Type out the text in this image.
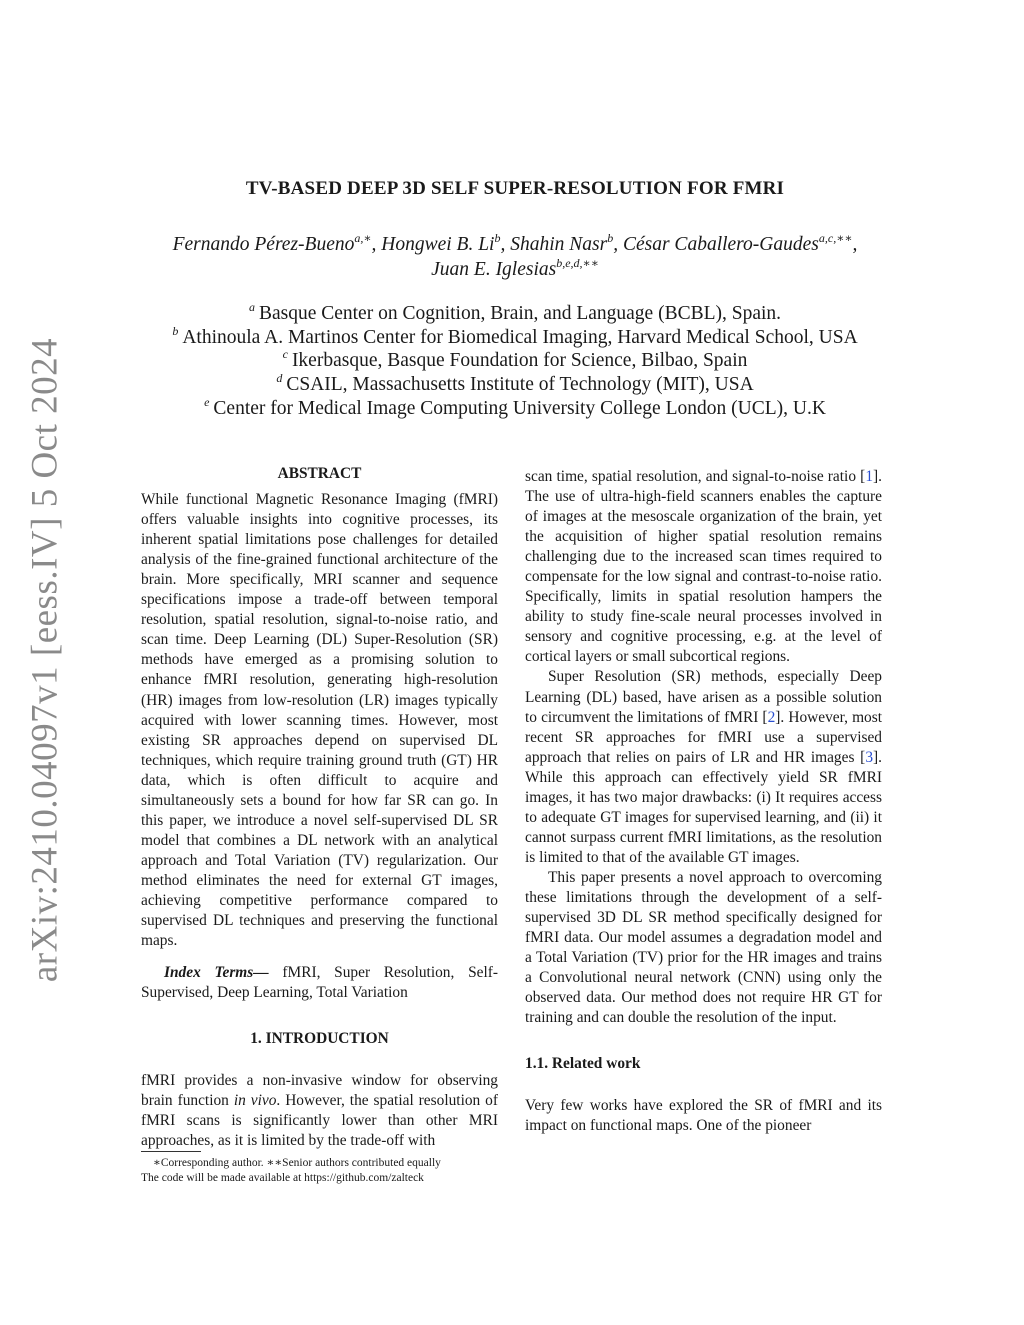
arXiv:2410.04097v1 [eess.IV] 5 Oct 2024
TV-BASED DEEP 3D SELF SUPER-RESOLUTION FOR FMRI
Fernando Pérez-Bueno$^{a,∗}$, Hongwei B. Li$^b$, Shahin Nasr$^b$, César Caballero-Gaudes$^{a,c,∗∗}$,
Juan E. Iglesias$^{b,e,d,∗∗}$
$^a$ Basque Center on Cognition, Brain, and Language (BCBL), Spain.
$^b$ Athinoula A. Martinos Center for Biomedical Imaging, Harvard Medical School, USA
$^c$ Ikerbasque, Basque Foundation for Science, Bilbao, Spain
$^d$ CSAIL, Massachusetts Institute of Technology (MIT), USA
$^e$ Center for Medical Image Computing University College London (UCL), U.K
ABSTRACT

While functional Magnetic Resonance Imaging (fMRI) offers valuable insights into cognitive processes, its inherent spatial limitations pose challenges for detailed analysis of the fine-grained functional architecture of the brain. More specifically, MRI scanner and sequence specifications impose a trade-off between temporal resolution, spatial resolution, signal-to-noise ratio, and scan time. Deep Learning (DL) Super-Resolution (SR) methods have emerged as a promising solution to enhance fMRI resolution, generating high-resolution (HR) images from low-resolution (LR) images typically acquired with lower scanning times. However, most existing SR approaches depend on supervised DL techniques, which require training ground truth (GT) HR data, which is often difficult to acquire and simultaneously sets a bound for how far SR can go. In this paper, we introduce a novel self-supervised DL SR model that combines a DL network with an analytical approach and Total Variation (TV) regularization. Our method eliminates the need for external GT images, achieving competitive performance compared to supervised DL techniques and preserving the functional maps.

Index Terms— fMRI, Super Resolution, Self-Supervised, Deep Learning, Total Variation

1. INTRODUCTION

fMRI provides a non-invasive window for observing brain function in vivo. However, the spatial resolution of fMRI scans is significantly lower than other MRI approaches, as it is limited by the trade-off with

scan time, spatial resolution, and signal-to-noise ratio [1]. The use of ultra-high-field scanners enables the capture of images at the mesoscale organization of the brain, yet the acquisition of higher spatial resolution remains challenging due to the increased scan times required to compensate for the low signal and contrast-to-noise ratio. Specifically, limits in spatial resolution hampers the ability to study fine-scale neural processes involved in sensory and cognitive processing, e.g. at the level of cortical layers or small subcortical regions.

Super Resolution (SR) methods, especially Deep Learning (DL) based, have arisen as a possible solution to circumvent the limitations of fMRI [2]. However, most recent SR approaches for fMRI use a supervised approach that relies on pairs of LR and HR images [3]. While this approach can effectively yield SR fMRI images, it has two major drawbacks: (i) It requires access to adequate GT images for supervised learning, and (ii) it cannot surpass current fMRI limitations, as the resolution is limited to that of the available GT images.

This paper presents a novel approach to overcoming these limitations through the development of a self-supervised 3D DL SR method specifically designed for fMRI data. Our model assumes a degradation model and a Total Variation (TV) prior for the HR images and trains a Convolutional neural network (CNN) using only the observed data. Our method does not require HR GT for training and can double the resolution of the input.

1.1. Related work

Very few works have explored the SR of fMRI and its impact on functional maps. One of the pioneer

∗Corresponding author. ∗∗Senior authors contributed equally

The code will be made available at https://github.com/zalteck
